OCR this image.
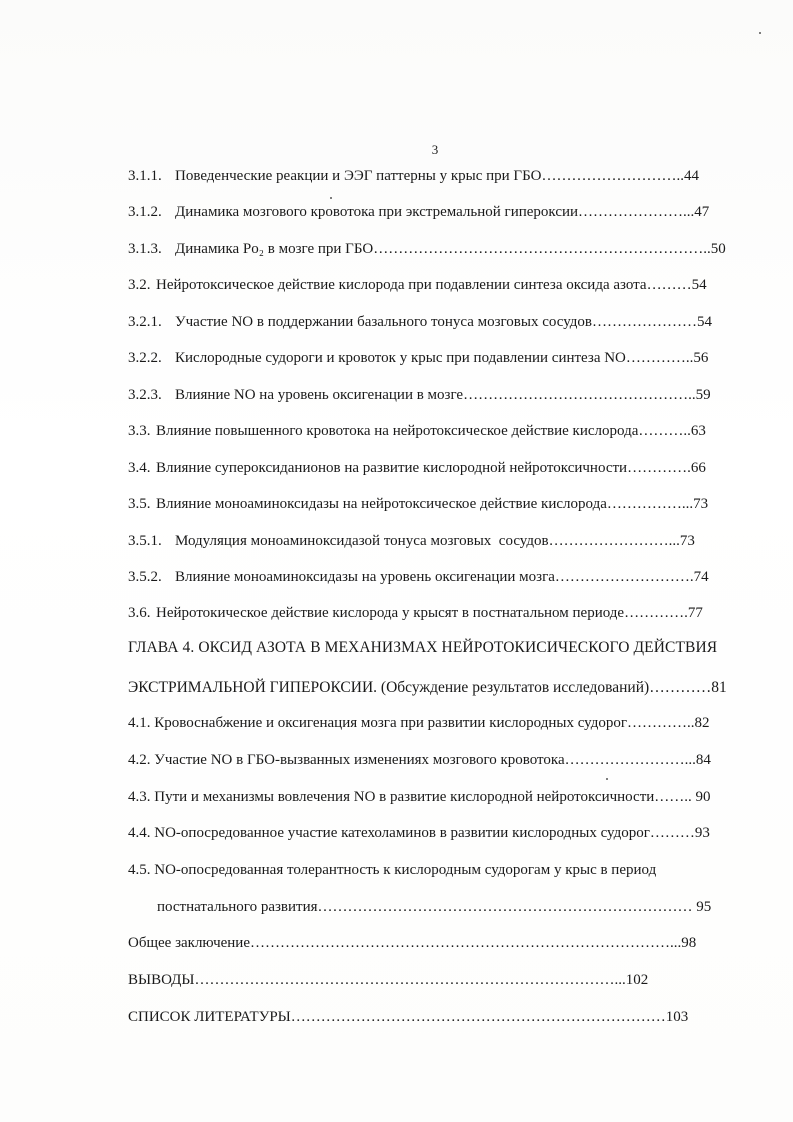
3
3.1.1. Поведенческие реакции и ЭЭГ паттерны у крыс при ГБО………………………..44
3.1.2. Динамика мозгового кровотока при экстремальной гипероксии…………………...47
3.1.3. Динамика Po₂ в мозге при ГБО…………………………………………………………..50
3.2. Нейротоксическое действие кислорода при подавлении синтеза оксида азота………54
3.2.1. Участие NO в поддержании базального тонуса мозговых сосудов…………………54
3.2.2. Кислородные судороги и кровоток у крыс при подавлении синтеза NO…………..56
3.2.3. Влияние NO на уровень оксигенации в мозге………………………………………..59
3.3. Влияние повышенного кровотока на нейротоксическое действие кислорода………..63
3.4. Влияние супероксиданионов на развитие кислородной нейротоксичности………….66
3.5. Влияние моноаминоксидазы на нейротоксическое действие кислорода……………...73
3.5.1. Модуляция моноаминоксидазой тонуса мозговых  сосудов……………………...73
3.5.2. Влияние моноаминоксидазы на уровень оксигенации мозга……………………….74
3.6. Нейротокическое действие кислорода у крысят в постнатальном периоде………….77
ГЛАВА 4. ОКСИД АЗОТА В МЕХАНИЗМАХ НЕЙРОТОКИСИЧЕСКОГО ДЕЙСТВИЯ
ЭКСТРИМАЛЬНОЙ ГИПЕРОКСИИ. (Обсуждение результатов исследований)…………81
4.1. Кровоснабжение и оксигенация мозга при развитии кислородных судорог…………..82
4.2. Участие NO в ГБО-вызванных изменениях мозгового кровотока……………………...84
4.3. Пути и механизмы вовлечения NO в развитие кислородной нейротоксичности…….. 90
4.4. NO-опосредованное участие катехоламинов в развитии кислородных судорог………93
4.5. NO-опосредованная толерантность к кислородным судорогам у крыс в период
постнатального развития………………………………………………………………… 95
Общее заключение…………………………………………………………………………...98
ВЫВОДЫ…………………………………………………………………………...102
СПИСОК ЛИТЕРАТУРЫ…………………………………………………………………103
